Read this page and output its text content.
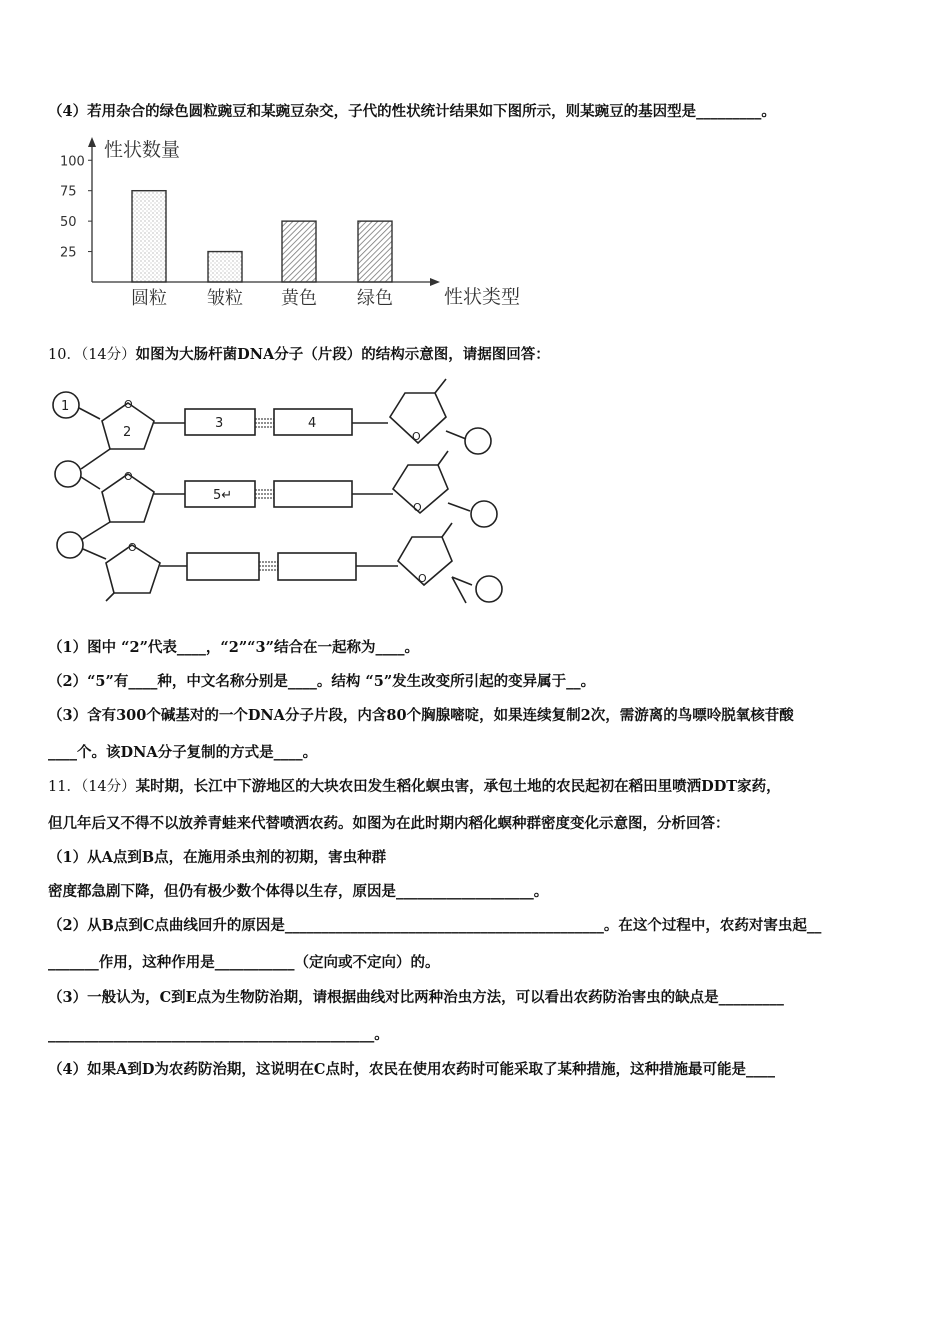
（4）若用杂合的绿色圆粒豌豆和某豌豆杂交，子代的性状统计结果如下图所示，则某豌豆的基因型是_________。
性状数量
性状类型
100
75
50
25
圆粒 皱粒 黄色 绿色
10．（14分）如图为大肠杆菌DNA分子（片段）的结构示意图，请据图回答：
1
2
O
3	4
O
O
5↵
O
O
O
（1）图中 “2”代表____，“2”“3”结合在一起称为____。
（2）“5”有____种，中文名称分别是____。结构 “5”发生改变所引起的变异属于__。
（3）含有300个碱基对的一个DNA分子片段，内含80个胸腺嘧啶，如果连续复制2次，需游离的鸟嘌呤脱氧核苷酸
____个。该DNA分子复制的方式是____。
11．（14分）某时期，长江中下游地区的大块农田发生稻化螟虫害，承包土地的农民起初在稻田里喷洒DDT家药，
但几年后又不得不以放养青蛙来代替喷洒农药。如图为在此时期内稻化螟种群密度变化示意图，分析回答：
（1）从A点到B点，在施用杀虫剂的初期，害虫种群
密度都急剧下降，但仍有极少数个体得以生存，原因是___________________。
（2）从B点到C点曲线回升的原因是____________________________________________。在这个过程中，农药对害虫起__
_______作用，这种作用是___________（定向或不定向）的。
（3）一般认为，C到E点为生物防治期，请根据曲线对比两种治虫方法，可以看出农药防治害虫的缺点是_________
_____________________________________________。
（4）如果A到D为农药防治期，这说明在C点时，农民在使用农药时可能采取了某种措施，这种措施最可能是____
